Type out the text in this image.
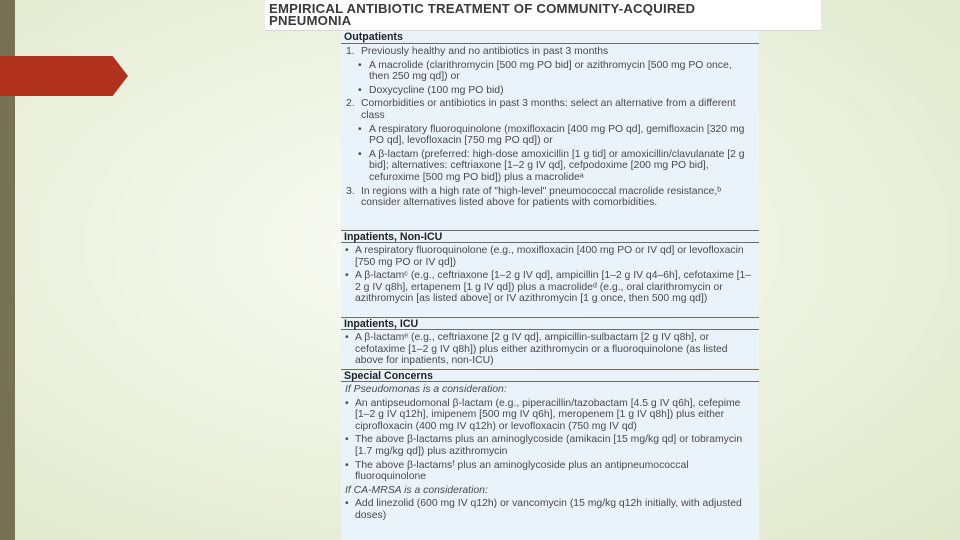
EMPIRICAL ANTIBIOTIC TREATMENT OF COMMUNITY-ACQUIRED
PNEUMONIA
Outpatients
1. Previously healthy and no antibiotics in past 3 months
• A macrolide (clarithromycin [500 mg PO bid] or azithromycin [500 mg PO once, then 250 mg qd]) or
• Doxycycline (100 mg PO bid)
2. Comorbidities or antibiotics in past 3 months: select an alternative from a different class
• A respiratory fluoroquinolone (moxifloxacin [400 mg PO qd], gemifloxacin [320 mg PO qd], levofloxacin [750 mg PO qd]) or
• A β-lactam (preferred: high-dose amoxicillin [1 g tid] or amoxicillin/clavulanate [2 g bid]; alternatives: ceftriaxone [1–2 g IV qd], cefpodoxime [200 mg PO bid], cefuroxime [500 mg PO bid]) plus a macrolideᵃ
3. In regions with a high rate of "high-level" pneumococcal macrolide resistance,ᵇ consider alternatives listed above for patients with comorbidities.
Inpatients, Non-ICU
• A respiratory fluoroquinolone (e.g., moxifloxacin [400 mg PO or IV qd] or levofloxacin [750 mg PO or IV qd])
• A β-lactamᶜ (e.g., ceftriaxone [1–2 g IV qd], ampicillin [1–2 g IV q4–6h], cefotaxime [1–2 g IV q8h], ertapenem [1 g IV qd]) plus a macrolideᵈ (e.g., oral clarithromycin or azithromycin [as listed above] or IV azithromycin [1 g once, then 500 mg qd])
Inpatients, ICU
• A β-lactamᵉ (e.g., ceftriaxone [2 g IV qd], ampicillin-sulbactam [2 g IV q8h], or cefotaxime [1–2 g IV q8h]) plus either azithromycin or a fluoroquinolone (as listed above for inpatients, non-ICU)
Special Concerns
If Pseudomonas is a consideration:
• An antipseudomonal β-lactam (e.g., piperacillin/tazobactam [4.5 g IV q6h], cefepime [1–2 g IV q12h], imipenem [500 mg IV q6h], meropenem [1 g IV q8h]) plus either ciprofloxacin (400 mg IV q12h) or levofloxacin (750 mg IV qd)
• The above β-lactams plus an aminoglycoside (amikacin [15 mg/kg qd] or tobramycin [1.7 mg/kg qd]) plus azithromycin
• The above β-lactamsᶠ plus an aminoglycoside plus an antipneumococcal fluoroquinolone
If CA-MRSA is a consideration:
• Add linezolid (600 mg IV q12h) or vancomycin (15 mg/kg q12h initially, with adjusted doses)
